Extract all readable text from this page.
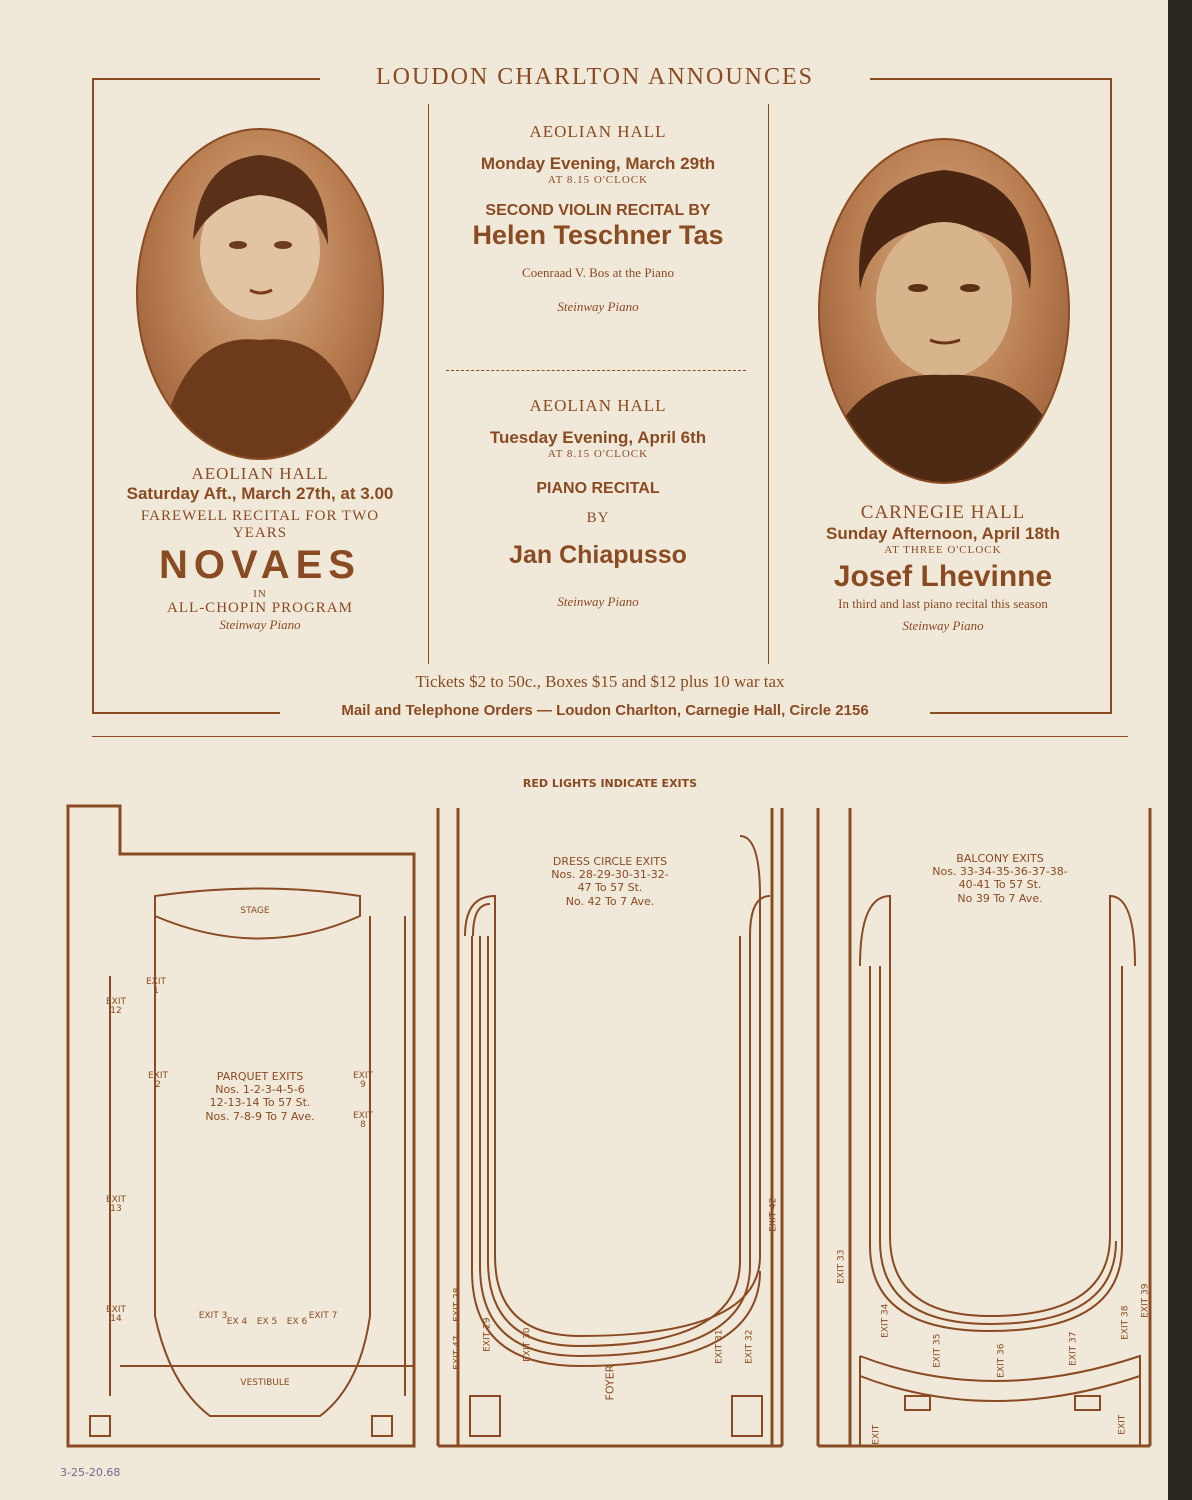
LOUDON CHARLTON ANNOUNCES
AEOLIAN HALL
Saturday Aft., March 27th, at 3.00
FAREWELL RECITAL FOR TWO YEARS
NOVAES
IN
ALL-CHOPIN PROGRAM
Steinway Piano
AEOLIAN HALL
Monday Evening, March 29th
AT 8.15 O'CLOCK
SECOND VIOLIN RECITAL BY
Helen Teschner Tas
Coenraad V. Bos at the Piano
Steinway Piano
AEOLIAN HALL
Tuesday Evening, April 6th
AT 8.15 O'CLOCK
PIANO RECITAL
BY
Jan Chiapusso
Steinway Piano
CARNEGIE HALL
Sunday Afternoon, April 18th
AT THREE O'CLOCK
Josef Lhevinne
In third and last piano recital this season
Steinway Piano
Tickets $2 to 50c., Boxes $15 and $12 plus 10 war tax
Mail and Telephone Orders — Loudon Charlton, Carnegie Hall, Circle 2156
RED LIGHTS INDICATE EXITS
STAGE
VESTIBULE	FOYER
PARQUET EXITS
Nos. 1-2-3-4-5-6
12-13-14 To 57 St.
Nos. 7-8-9 To 7 Ave.
DRESS CIRCLE EXITS
Nos. 28-29-30-31-32-
47 To 57 St.
No. 42 To 7 Ave.
BALCONY EXITS
Nos. 33-34-35-36-37-38-
40-41 To 57 St.
No 39 To 7 Ave.
EXIT 1
EXIT 2
EXIT 12
EXIT 13
EXIT 14
EXIT 9
EXIT 8
EXIT 3
EX 4 EX 5 EX 6
EXIT 7
EXIT 47
EXIT 28
EXIT 29	EXIT 30	EXIT 31 EXIT 32
EXIT 42
EXIT 33
EXIT 34
EXIT 35	EXIT 36	EXIT 37
EXIT 38
EXIT 39
EXIT	EXIT
3-25-20.68
